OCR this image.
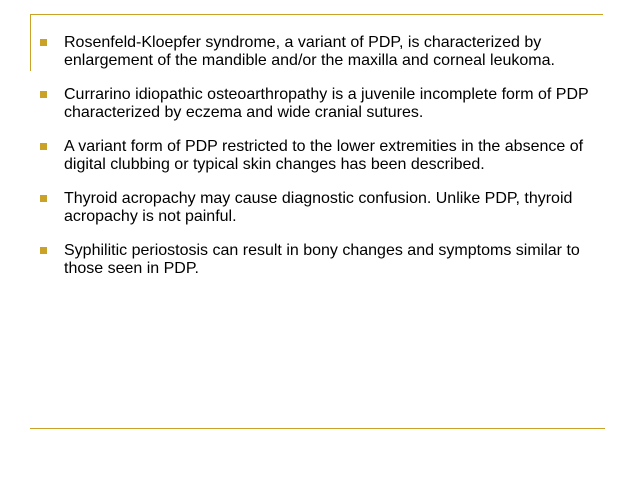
Rosenfeld-Kloepfer syndrome, a variant of PDP, is characterized by enlargement of the mandible and/or the maxilla and corneal leukoma.
Currarino idiopathic osteoarthropathy is a juvenile incomplete form of PDP characterized by eczema and wide cranial sutures.
A variant form of PDP restricted to the lower extremities in the absence of digital clubbing or typical skin changes has been described.
Thyroid acropachy may cause diagnostic confusion. Unlike PDP, thyroid acropachy is not painful.
Syphilitic periostosis can result in bony changes and symptoms similar to those seen in PDP.
